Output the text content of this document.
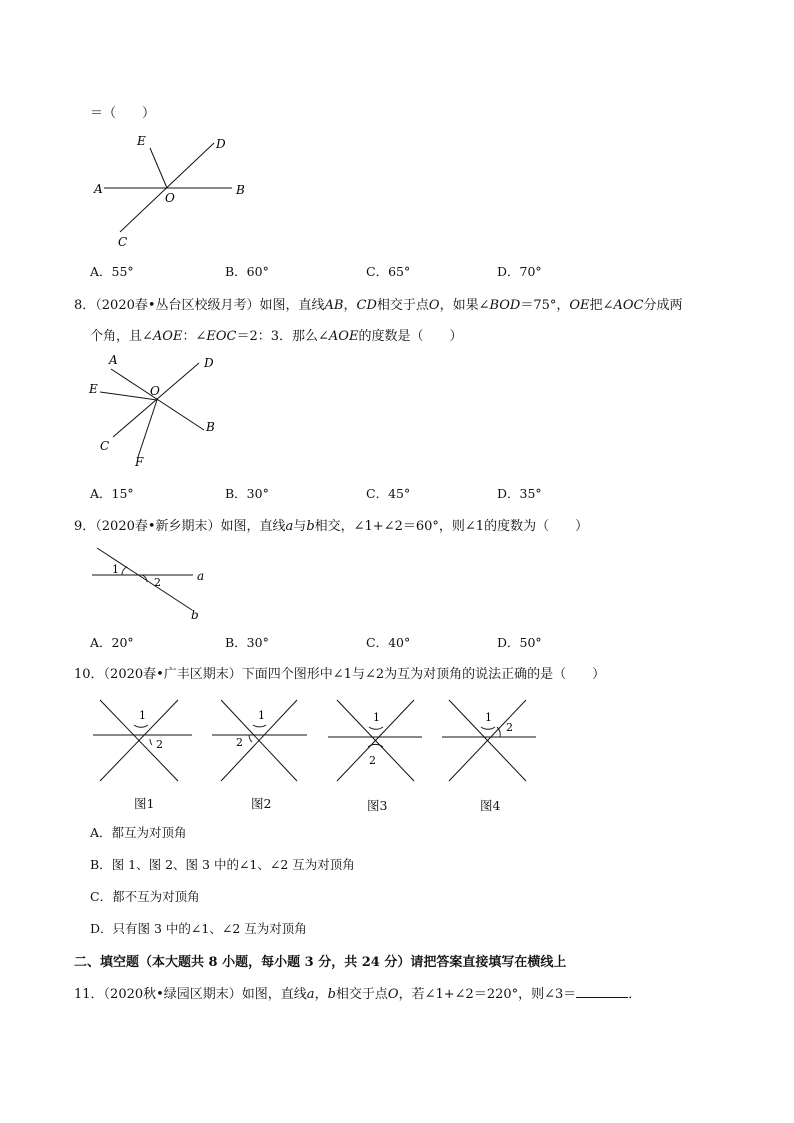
＝（　　）
E	D
A
O
B
C
A．55°	B．60°	C．65°	D．70°
8．（2020春•丛台区校级月考）如图，直线AB，CD相交于点O，如果∠BOD＝75°，OE把∠AOC分成两
个角，且∠AOE：∠EOC＝2：3．那么∠AOE的度数是（　　）
A	D
E	O
B
C
F
A．15°	B．30°	C．45°	D．35°
9．（2020春•新乡期末）如图，直线a与b相交，∠1+∠2＝60°，则∠1的度数为（　　）
1
2	a
b
A．20°	B．30°	C．40°	D．50°
10．（2020春•广丰区期末）下面四个图形中∠1与∠2为互为对顶角的说法正确的是（　　）
1
2
1
2
1
2
1
2
图1	图2	图3	图4
A．都互为对顶角
B．图 1、图 2、图 3 中的∠1、∠2 互为对顶角
C．都不互为对顶角
D．只有图 3 中的∠1、∠2 互为对顶角
二、填空题（本大题共 8 小题，每小题 3 分，共 24 分）请把答案直接填写在横线上
11．（2020秋•绿园区期末）如图，直线a，b相交于点O，若∠1+∠2＝220°，则∠3＝	．
